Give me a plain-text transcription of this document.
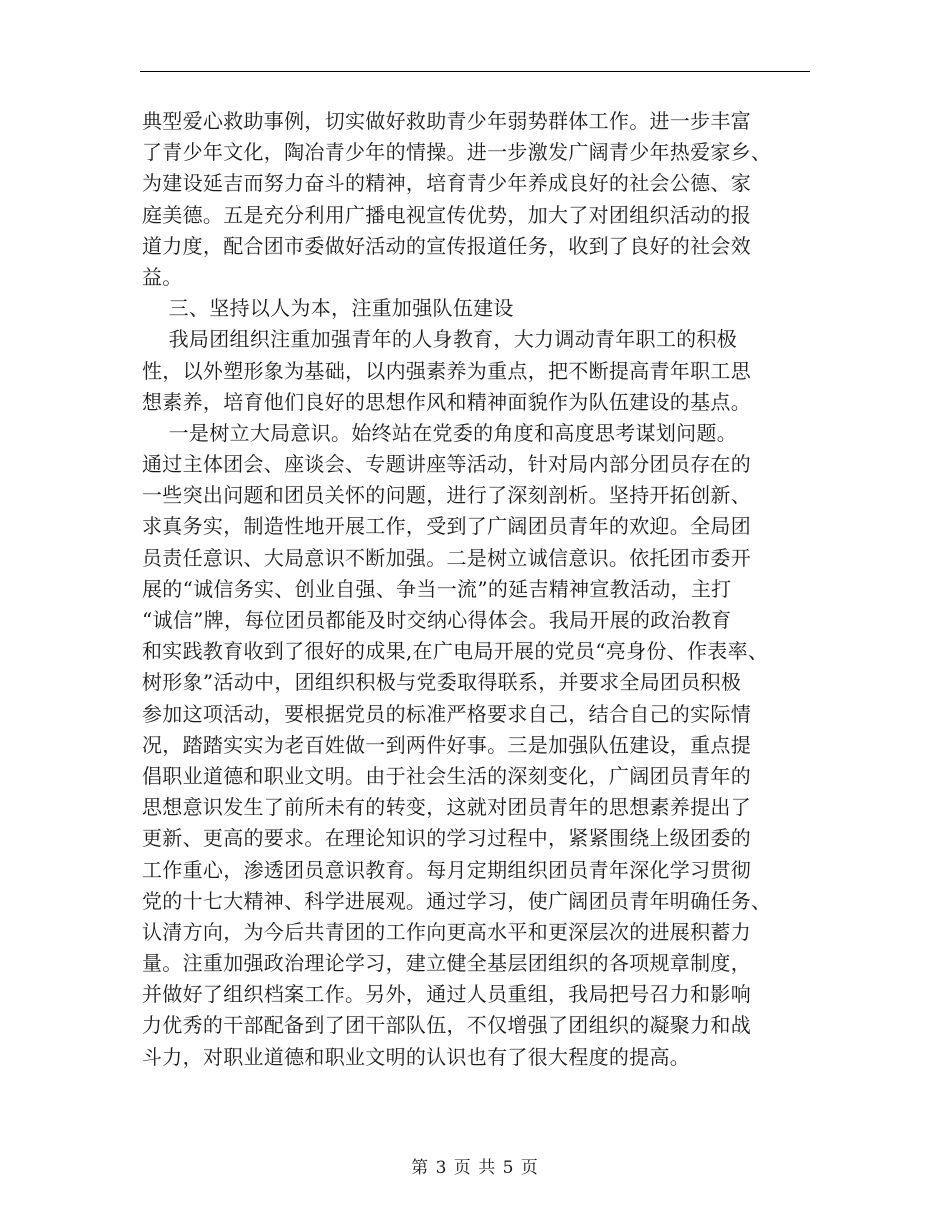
典型爱心救助事例，切实做好救助青少年弱势群体工作。进一步丰富
了青少年文化，陶冶青少年的情操。进一步激发广阔青少年热爱家乡、
为建设延吉而努力奋斗的精神，培育青少年养成良好的社会公德、家
庭美德。五是充分利用广播电视宣传优势，加大了对团组织活动的报
道力度，配合团市委做好活动的宣传报道任务，收到了良好的社会效
益。
三、坚持以人为本，注重加强队伍建设
我局团组织注重加强青年的人身教育，大力调动青年职工的积极
性，以外塑形象为基础，以内强素养为重点，把不断提高青年职工思
想素养，培育他们良好的思想作风和精神面貌作为队伍建设的基点。
一是树立大局意识。始终站在党委的角度和高度思考谋划问题。
通过主体团会、座谈会、专题讲座等活动，针对局内部分团员存在的
一些突出问题和团员关怀的问题，进行了深刻剖析。坚持开拓创新、
求真务实，制造性地开展工作，受到了广阔团员青年的欢迎。全局团
员责任意识、大局意识不断加强。二是树立诚信意识。依托团市委开
展的“诚信务实、创业自强、争当一流”的延吉精神宣教活动，主打
“诚信”牌，每位团员都能及时交纳心得体会。我局开展的政治教育
和实践教育收到了很好的成果,在广电局开展的党员“亮身份、作表率、
树形象”活动中，团组织积极与党委取得联系，并要求全局团员积极
参加这项活动，要根据党员的标准严格要求自己，结合自己的实际情
况，踏踏实实为老百姓做一到两件好事。三是加强队伍建设，重点提
倡职业道德和职业文明。由于社会生活的深刻变化，广阔团员青年的
思想意识发生了前所未有的转变，这就对团员青年的思想素养提出了
更新、更高的要求。在理论知识的学习过程中，紧紧围绕上级团委的
工作重心，渗透团员意识教育。每月定期组织团员青年深化学习贯彻
党的十七大精神、科学进展观。通过学习，使广阔团员青年明确任务、
认清方向，为今后共青团的工作向更高水平和更深层次的进展积蓄力
量。注重加强政治理论学习，建立健全基层团组织的各项规章制度，
并做好了组织档案工作。另外，通过人员重组，我局把号召力和影响
力优秀的干部配备到了团干部队伍，不仅增强了团组织的凝聚力和战
斗力，对职业道德和职业文明的认识也有了很大程度的提高。
第 3 页 共 5 页
